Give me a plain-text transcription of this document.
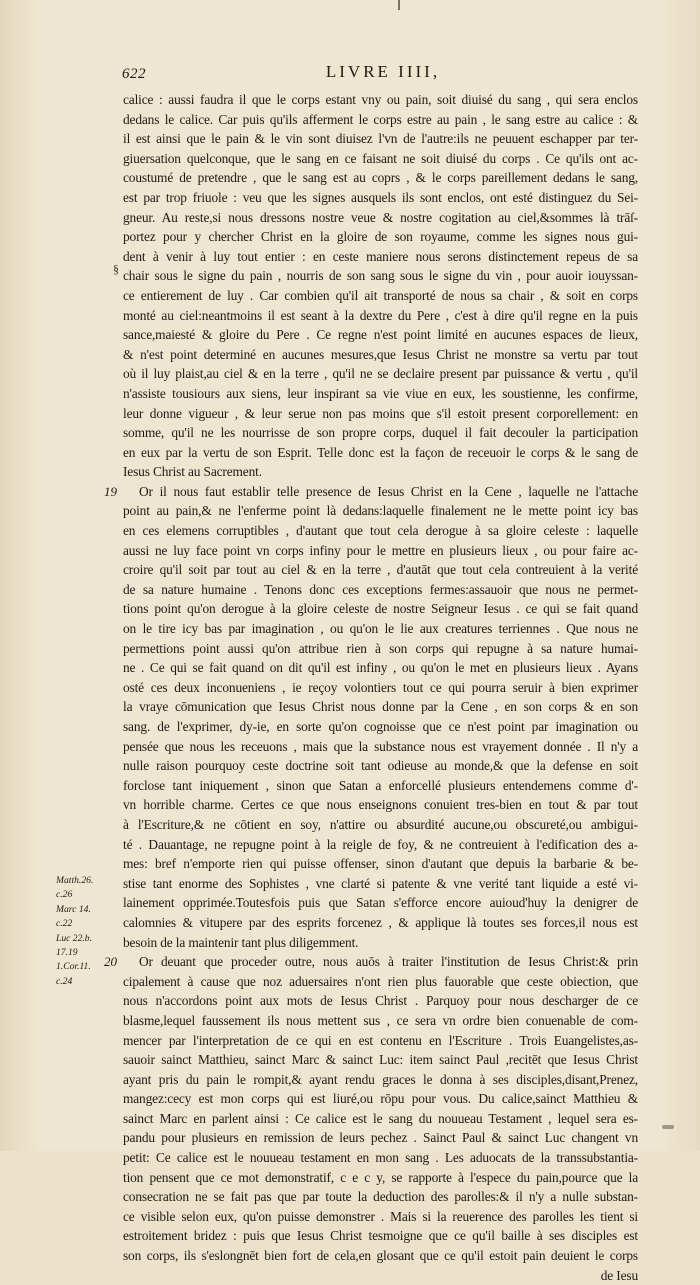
622	LIVRE IIII,
§
calice : aussi faudra il que le corps estant vny ou pain, soit diuisé du sang , qui sera enclos
dedans le calice. Car puis qu'ils afferment le corps estre au pain , le sang estre au calice : &
il est ainsi que le pain & le vin sont diuisez l'vn de l'autre:ils ne peuuent eschapper par ter-
giuersation quelconque, que le sang en ce faisant ne soit diuisé du corps . Ce qu'ils ont ac-
coustumé de pretendre , que le sang est au coprs , & le corps pareillement dedans le sang,
est par trop friuole : veu que les signes ausquels ils sont enclos, ont esté distinguez du Sei-
gneur. Au reste,si nous dressons nostre veue & nostre cogitation au ciel,&sommes là trāſ-
portez pour y chercher Christ en la gloire de son royaume, comme les signes nous gui-
dent à venir à luy tout entier : en ceste maniere nous serons distinctement repeus de sa
chair sous le signe du pain , nourris de son sang sous le signe du vin , pour auoir iouyssan-
ce entierement de luy . Car combien qu'il ait transporté de nous sa chair , & soit en corps
monté au ciel:neantmoins il est seant à la dextre du Pere , c'est à dire qu'il regne en la puis
sance,maiesté & gloire du Pere . Ce regne n'est point limité en aucunes espaces de lieux,
& n'est point determiné en aucunes mesures,que Iesus Christ ne monstre sa vertu par tout
où il luy plaist,au ciel & en la terre , qu'il ne se declaire present par puissance & vertu , qu'il
n'assiste tousiours aux siens, leur inspirant sa vie viue en eux, les soustienne, les confirme,
leur donne vigueur , & leur serue non pas moins que s'il estoit present corporellement: en
somme, qu'il ne les nourrisse de son propre corps, duquel il fait decouler la participation
en eux par la vertu de son Esprit. Telle donc est la façon de receuoir le corps & le sang de
Iesus Christ au Sacrement.
19	Or il nous faut establir telle presence de Iesus Christ en la Cene , laquelle ne l'attache
point au pain,& ne l'enferme point là dedans:laquelle finalement ne le mette point icy bas
en ces elemens corruptibles , d'autant que tout cela derogue à sa gloire celeste : laquelle
aussi ne luy face point vn corps infiny pour le mettre en plusieurs lieux , ou pour faire ac-
croire qu'il soit par tout au ciel & en la terre , d'autāt que tout cela contreuient à la verité
de sa nature humaine . Tenons donc ces exceptions fermes:assauoir que nous ne permet-
tions point qu'on derogue à la gloire celeste de nostre Seigneur Iesus . ce qui se fait quand
on le tire icy bas par imagination , ou qu'on le lie aux creatures terriennes . Que nous ne
permettions point aussi qu'on attribue rien à son corps qui repugne à sa nature humai-
ne . Ce qui se fait quand on dit qu'il est infiny , ou qu'on le met en plusieurs lieux . Ayans
osté ces deux inconueniens , ie reçoy volontiers tout ce qui pourra seruir à bien exprimer
la vraye cōmunication que Iesus Christ nous donne par la Cene , en son corps & en son
sang. de l'exprimer, dy-ie, en sorte qu'on cognoisse que ce n'est point par imagination ou
pensée que nous les receuons , mais que la substance nous est vrayement donnée . Il n'y a
nulle raison pourquoy ceste doctrine soit tant odieuse au monde,& que la defense en soit
forclose tant iniquement , sinon que Satan a enforcellé plusieurs entendemens comme d'-
vn horrible charme. Certes ce que nous enseignons conuient tres-bien en tout & par tout
à l'Escriture,& ne cōtient en soy, n'attire ou absurdité aucune,ou obscureté,ou ambigui-
té . Dauantage, ne repugne point à la reigle de foy, & ne contreuient à l'edification des a-
mes: bref n'emporte rien qui puisse offenser, sinon d'autant que depuis la barbarie & be-
stise tant enorme des Sophistes , vne clarté si patente & vne verité tant liquide a esté vi-
lainement opprimée.Toutesfois puis que Satan s'efforce encore auioud'huy la denigrer de
calomnies & vitupere par des esprits forcenez , & applique là toutes ses forces,il nous est
besoin de la maintenir tant plus diligemment.
20	Or deuant que proceder outre, nous auōs à traiter l'institution de Iesus Christ:& prin
cipalement à cause que noz aduersaires n'ont rien plus fauorable que ceste obiection, que
nous n'accordons point aux mots de Iesus Christ . Parquoy pour nous descharger de ce
blasme,lequel faussement ils nous mettent sus , ce sera vn ordre bien conuenable de com-
mencer par l'interpretation de ce qui en est contenu en l'Escriture . Trois Euangelistes,as-
sauoir sainct Matthieu, sainct Marc & sainct Luc: item sainct Paul ,recitēt que Iesus Christ
ayant pris du pain le rompit,& ayant rendu graces le donna à ses disciples,disant,Prenez,
mangez:cecy est mon corps qui est liuré,ou rōpu pour vous. Du calice,sainct Matthieu &
sainct Marc en parlent ainsi : Ce calice est le sang du nouueau Testament , lequel sera es-
pandu pour plusieurs en remission de leurs pechez . Sainct Paul & sainct Luc changent vn
petit: Ce calice est le nouueau testament en mon sang . Les aduocats de la transsubstantia-
tion pensent que ce mot demonstratif, c e c y, se rapporte à l'espece du pain,pource que la
consecration ne se fait pas que par toute la deduction des parolles:& il n'y a nulle substan-
ce visible selon eux, qu'on puisse demonstrer . Mais si la reuerence des parolles les tient si
estroitement bridez : puis que Iesus Christ tesmoigne que ce qu'il baille à ses disciples est
son corps, ils s'eslongnēt bien fort de cela,en glosant que ce qu'il estoit pain deuient le corps
de Iesu
Matth.26.
c.26
Marc 14.
c.22
Luc 22.b.
17.19
1.Cor.11.
c.24
